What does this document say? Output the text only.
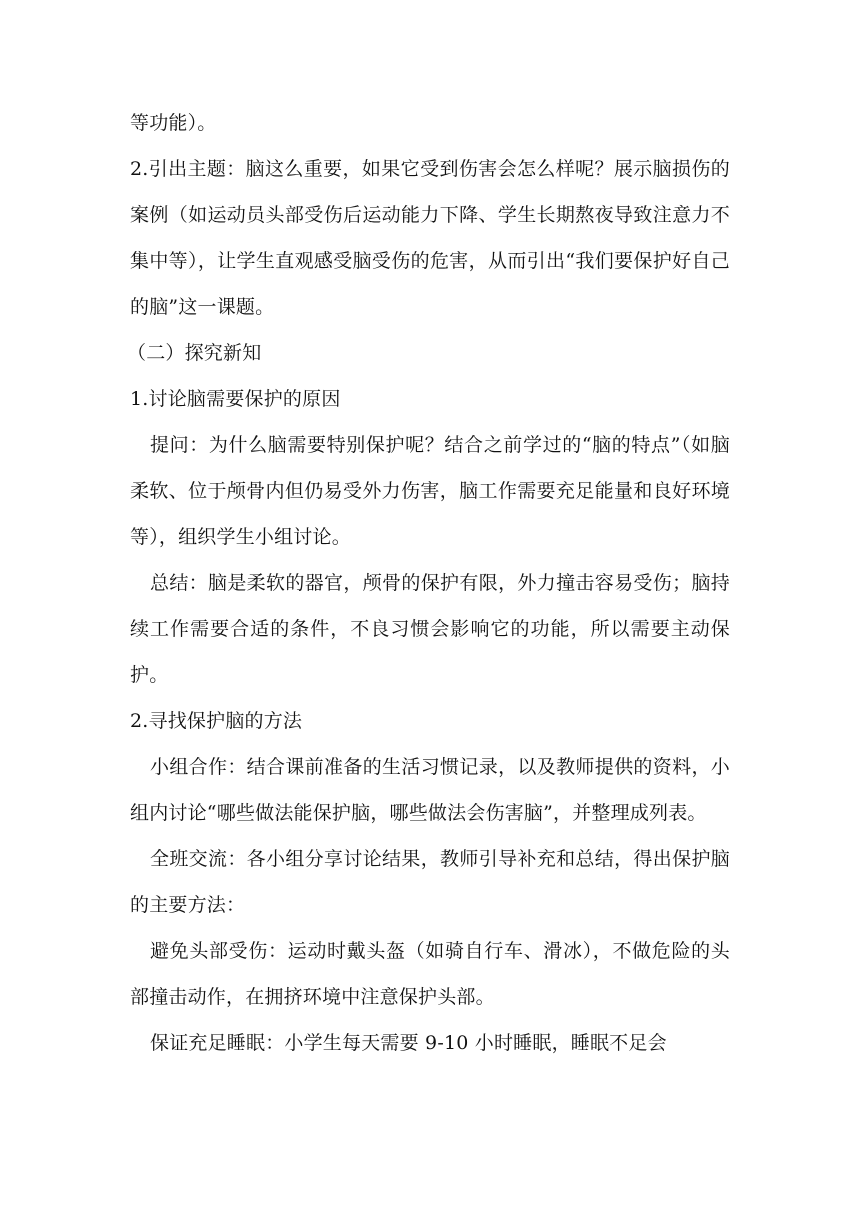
等功能）。

2.引出主题：脑这么重要，如果它受到伤害会怎么样呢？展示脑损伤的案例（如运动员头部受伤后运动能力下降、学生长期熬夜导致注意力不集中等），让学生直观感受脑受伤的危害，从而引出“我们要保护好自己的脑”这一课题。

（二）探究新知

1.讨论脑需要保护的原因

提问：为什么脑需要特别保护呢？结合之前学过的“脑的特点”（如脑柔软、位于颅骨内但仍易受外力伤害，脑工作需要充足能量和良好环境等），组织学生小组讨论。

总结：脑是柔软的器官，颅骨的保护有限，外力撞击容易受伤；脑持续工作需要合适的条件，不良习惯会影响它的功能，所以需要主动保护。

2.寻找保护脑的方法

小组合作：结合课前准备的生活习惯记录，以及教师提供的资料，小组内讨论“哪些做法能保护脑，哪些做法会伤害脑”，并整理成列表。

全班交流：各小组分享讨论结果，教师引导补充和总结，得出保护脑的主要方法：

避免头部受伤：运动时戴头盔（如骑自行车、滑冰），不做危险的头部撞击动作，在拥挤环境中注意保护头部。

保证充足睡眠：小学生每天需要 9-10 小时睡眠，睡眠不足会
